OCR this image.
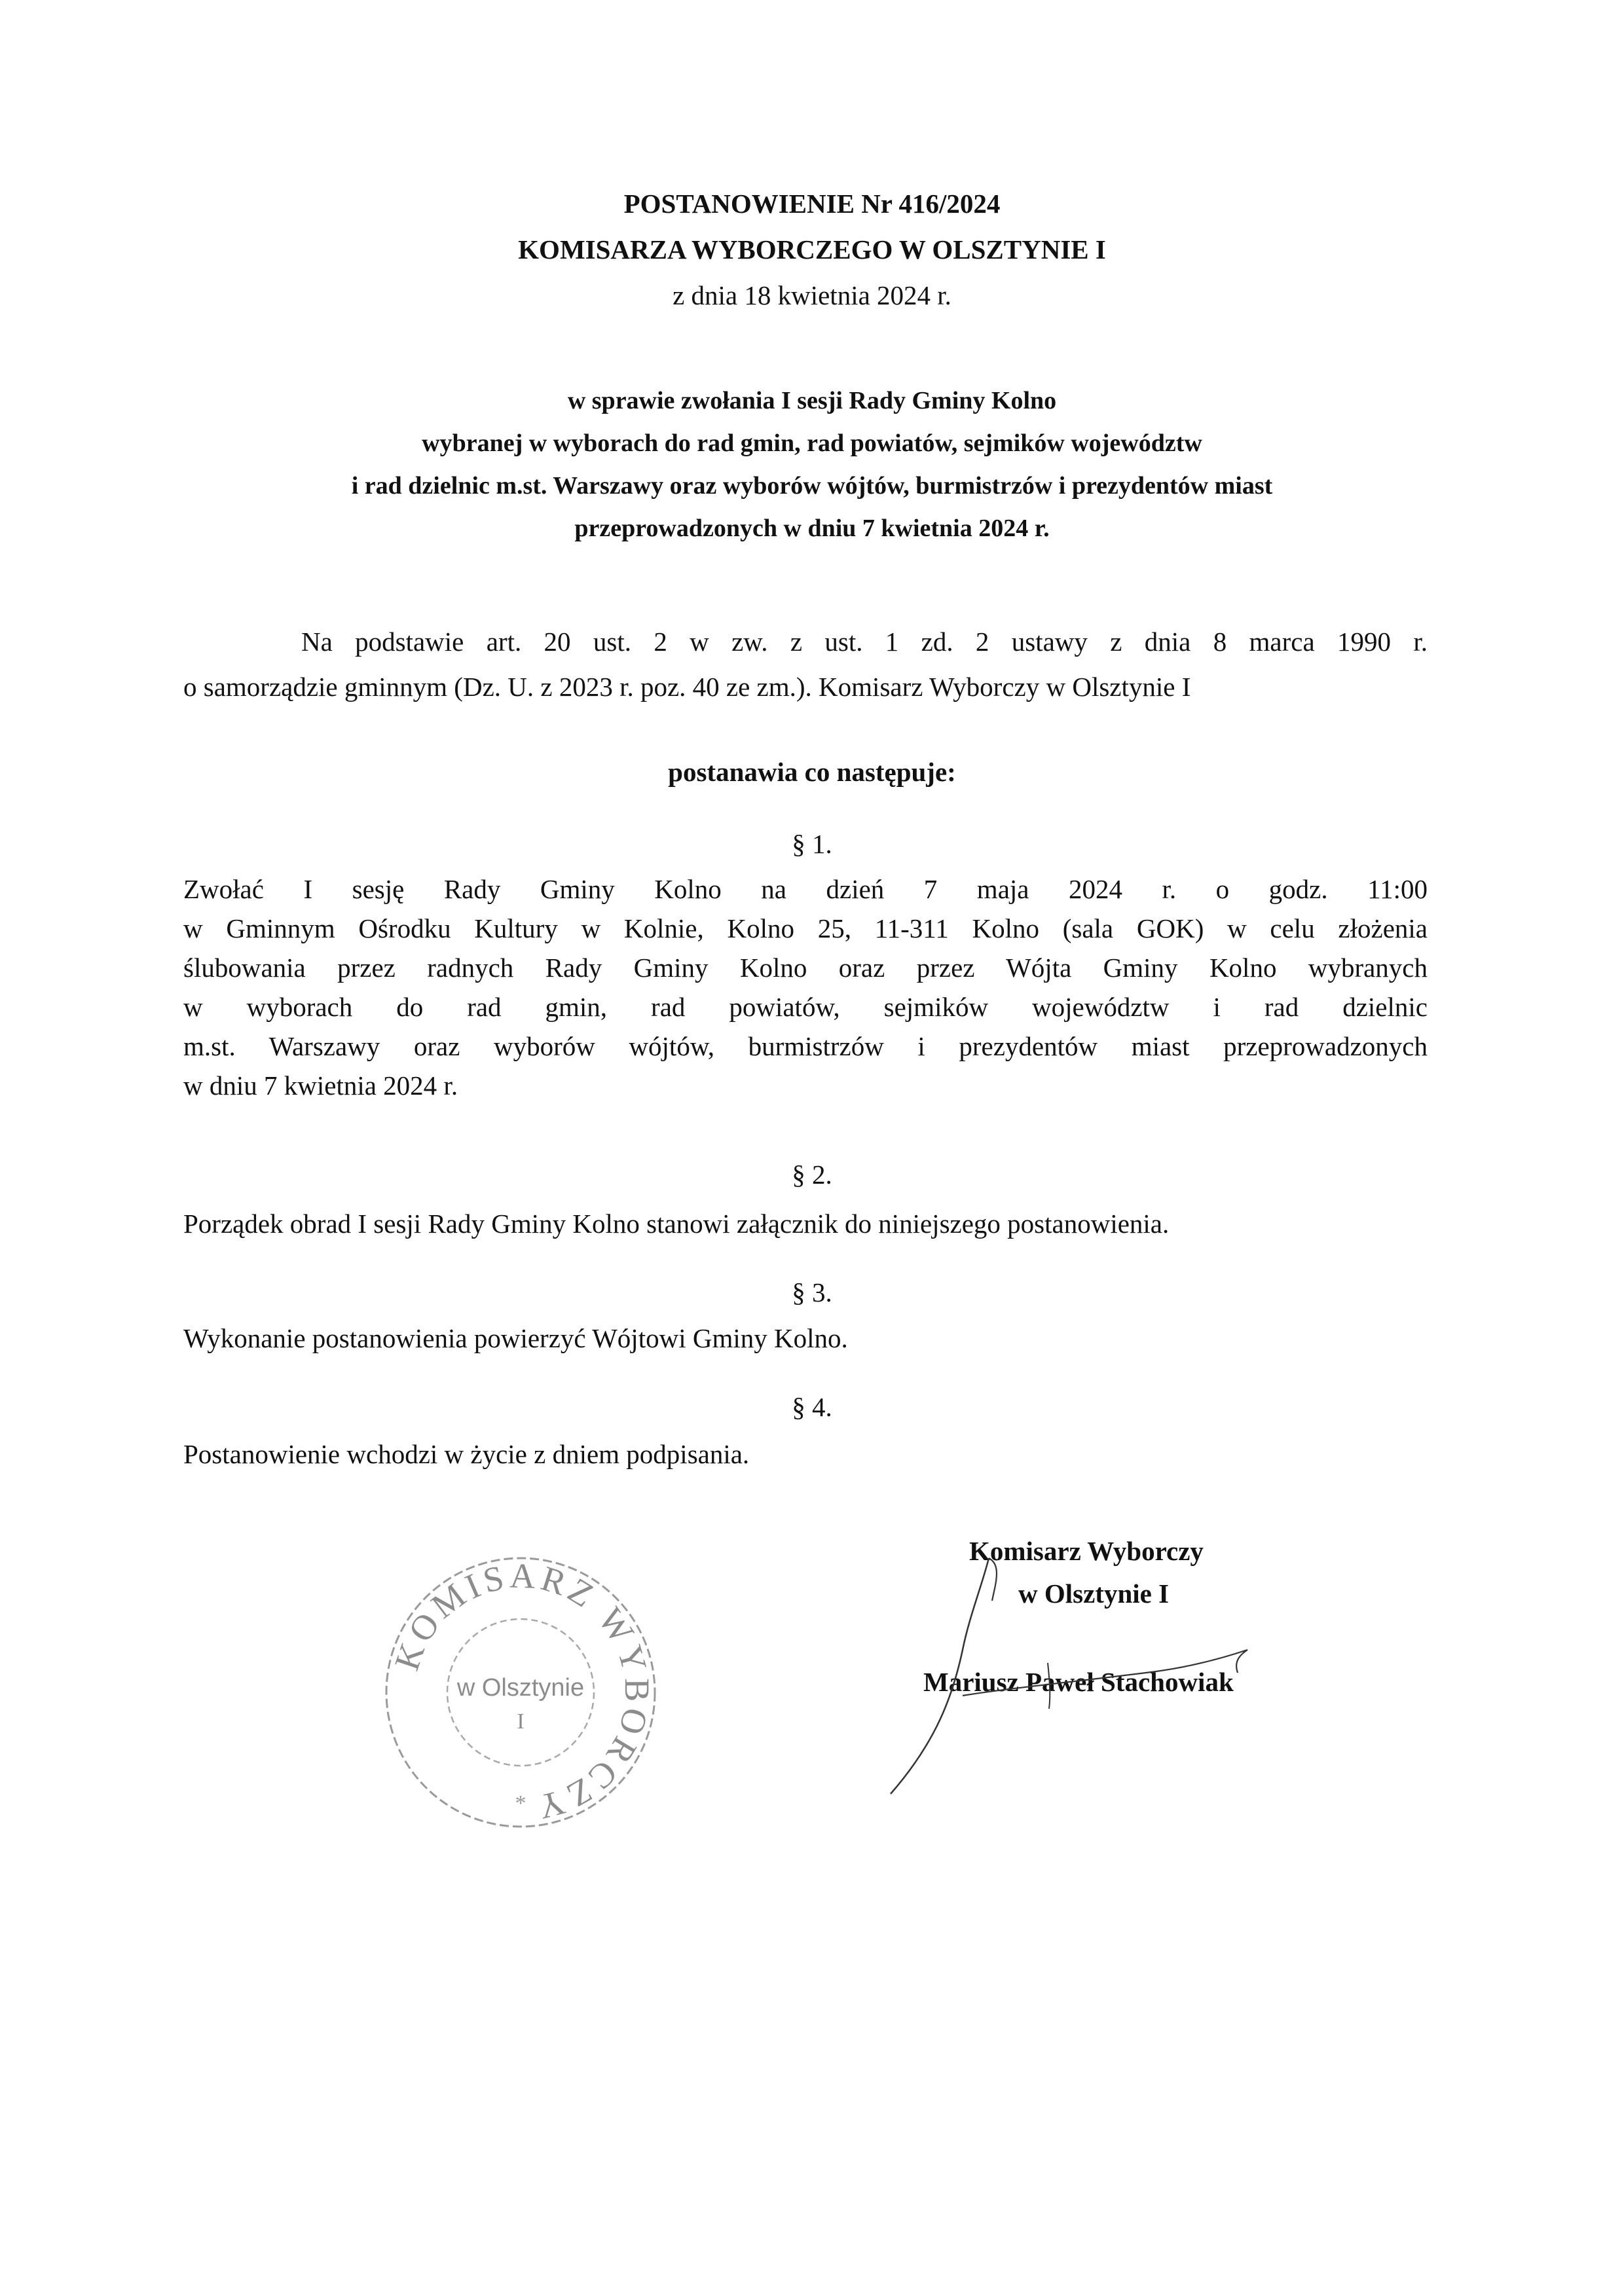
POSTANOWIENIE Nr 416/2024
KOMISARZA WYBORCZEGO W OLSZTYNIE I
z dnia 18 kwietnia 2024 r.
w sprawie zwołania I sesji Rady Gminy Kolno
wybranej w wyborach do rad gmin, rad powiatów, sejmików województw
i rad dzielnic m.st. Warszawy oraz wyborów wójtów, burmistrzów i prezydentów miast
przeprowadzonych w dniu 7 kwietnia 2024 r.
Na podstawie art. 20 ust. 2 w zw. z ust. 1 zd. 2 ustawy z dnia 8 marca 1990 r.
o samorządzie gminnym (Dz. U. z 2023 r. poz. 40 ze zm.). Komisarz Wyborczy w Olsztynie I
postanawia co następuje:
§ 1.
Zwołać I sesję Rady Gminy Kolno na dzień 7 maja 2024 r. o godz. 11:00
w Gminnym Ośrodku Kultury w Kolnie, Kolno 25, 11-311 Kolno (sala GOK) w celu złożenia
ślubowania przez radnych Rady Gminy Kolno oraz przez Wójta Gminy Kolno wybranych
w wyborach do rad gmin, rad powiatów, sejmików województw i rad dzielnic
m.st. Warszawy oraz wyborów wójtów, burmistrzów i prezydentów miast przeprowadzonych
w dniu 7 kwietnia 2024 r.
§ 2.
Porządek obrad I sesji Rady Gminy Kolno stanowi załącznik do niniejszego postanowienia.
§ 3.
Wykonanie postanowienia powierzyć Wójtowi Gminy Kolno.
§ 4.
Postanowienie wchodzi w życie z dniem podpisania.
KOMISARZ WYBORCZY
w Olsztynie
I
*
Komisarz Wyborczy
w Olsztynie I
Mariusz Paweł Stachowiak
